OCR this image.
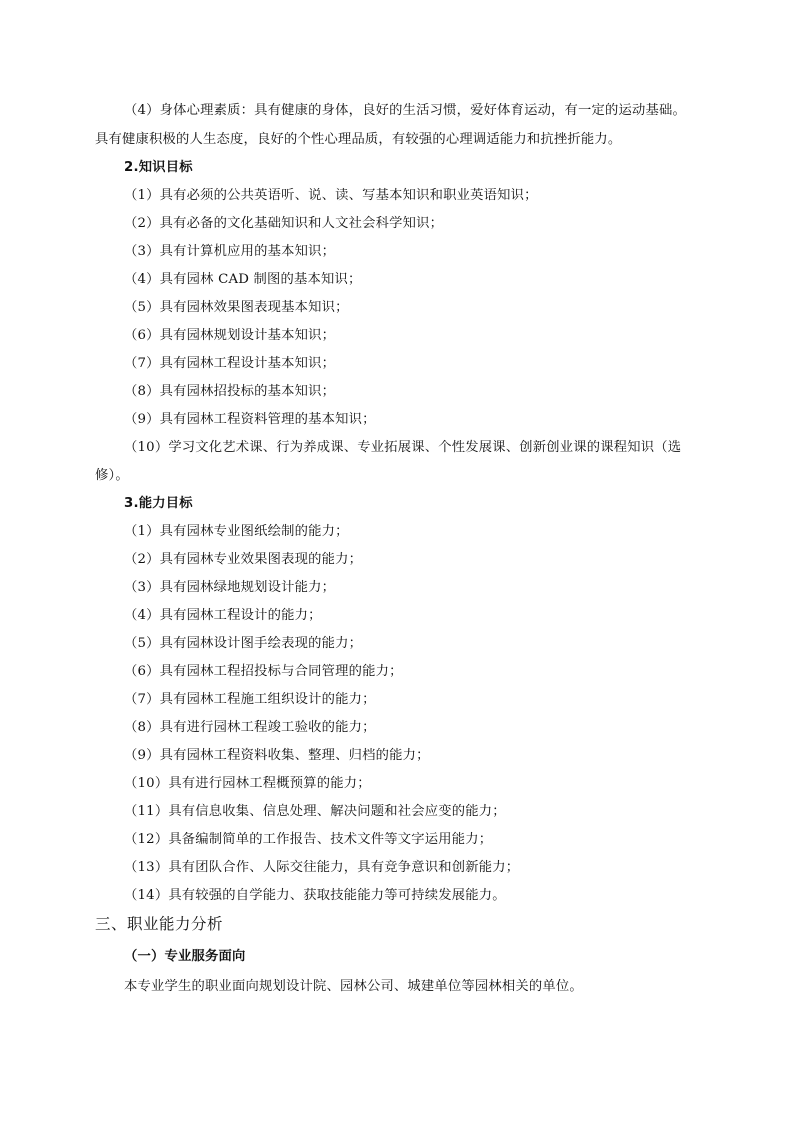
（4）身体心理素质：具有健康的身体，良好的生活习惯，爱好体育运动，有一定的运动基础。
具有健康积极的人生态度，良好的个性心理品质，有较强的心理调适能力和抗挫折能力。
2.知识目标
（1）具有必须的公共英语听、说、读、写基本知识和职业英语知识；
（2）具有必备的文化基础知识和人文社会科学知识；
（3）具有计算机应用的基本知识；
（4）具有园林 CAD 制图的基本知识；
（5）具有园林效果图表现基本知识；
（6）具有园林规划设计基本知识；
（7）具有园林工程设计基本知识；
（8）具有园林招投标的基本知识；
（9）具有园林工程资料管理的基本知识；
（10）学习文化艺术课、行为养成课、专业拓展课、个性发展课、创新创业课的课程知识（选
修）。
3.能力目标
（1）具有园林专业图纸绘制的能力；
（2）具有园林专业效果图表现的能力；
（3）具有园林绿地规划设计能力；
（4）具有园林工程设计的能力；
（5）具有园林设计图手绘表现的能力；
（6）具有园林工程招投标与合同管理的能力；
（7）具有园林工程施工组织设计的能力；
（8）具有进行园林工程竣工验收的能力；
（9）具有园林工程资料收集、整理、归档的能力；
（10）具有进行园林工程概预算的能力；
（11）具有信息收集、信息处理、解决问题和社会应变的能力；
（12）具备编制简单的工作报告、技术文件等文字运用能力；
（13）具有团队合作、人际交往能力，具有竞争意识和创新能力；
（14）具有较强的自学能力、获取技能能力等可持续发展能力。
三、职业能力分析
（一）专业服务面向
本专业学生的职业面向规划设计院、园林公司、城建单位等园林相关的单位。
